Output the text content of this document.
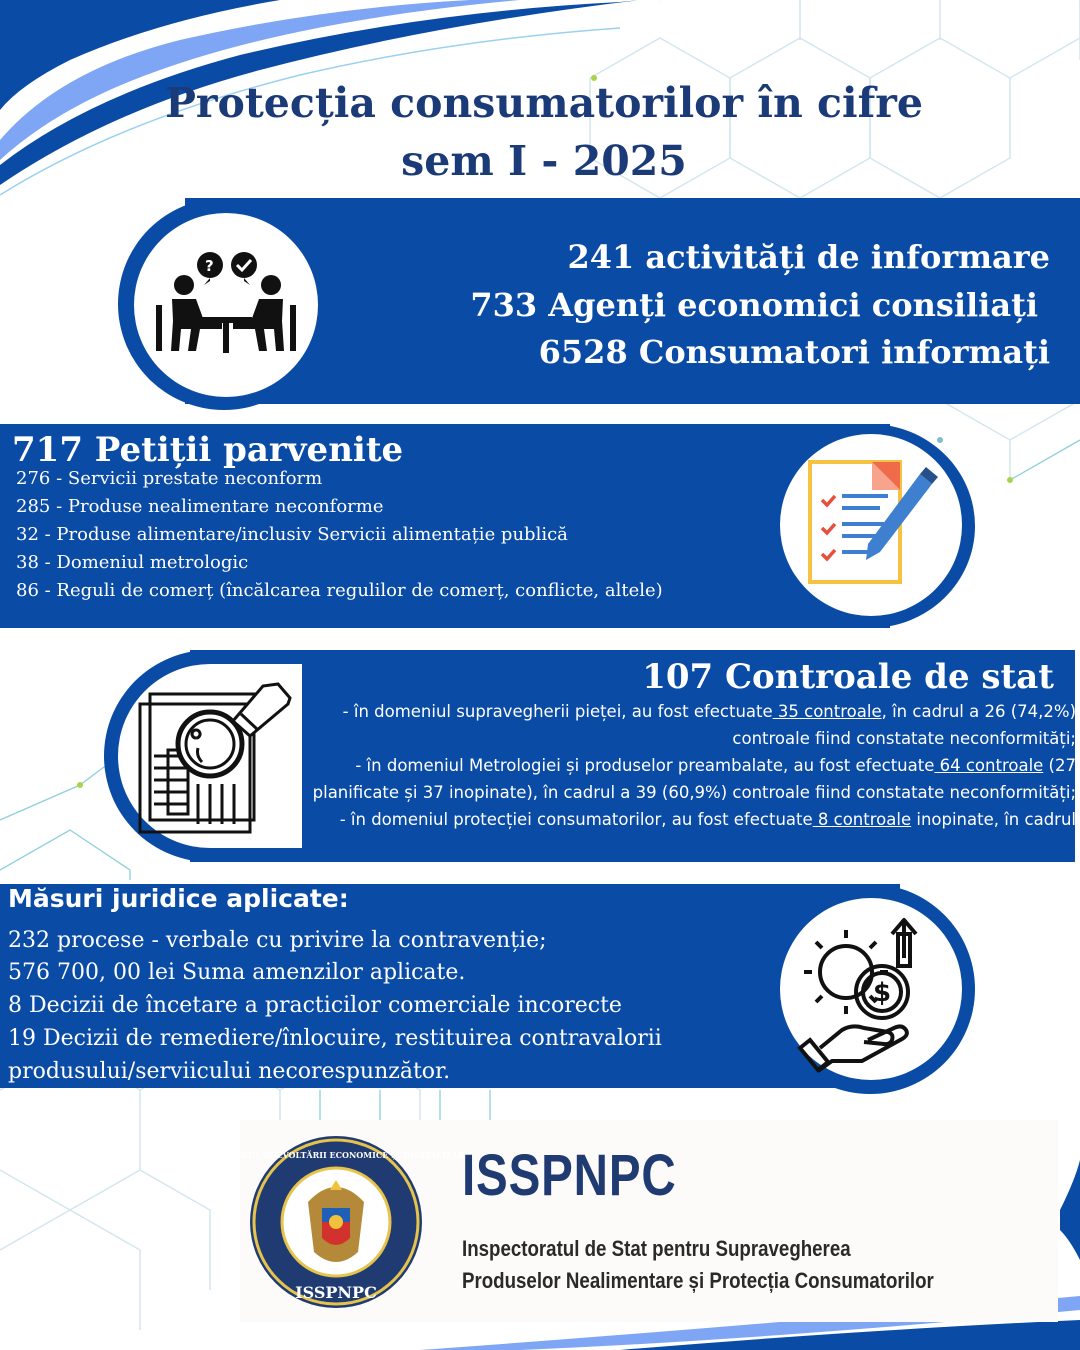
Protecția consumatorilor în cifre
sem I - 2025
?	241 activități de informare
733 Agenți economici consiliați
6528 Consumatori informați
717 Petiții parvenite
276 - Servicii prestate neconform
285 - Produse nealimentare neconforme
32 - Produse alimentare/inclusiv Servicii alimentație publică
38 - Domeniul metrologic
86 - Reguli de comerț (încălcarea regulilor de comerț, conflicte, altele)
107 Controale de stat

- în domeniul supravegherii pieței, au fost efectuate 35 controale, în cadrul a 26 (74,2%) controale fiind constatate neconformități;

- în domeniul Metrologiei și produselor preambalate, au fost efectuate 64 controale (27 planificate și 37 inopinate), în cadrul a 39 (60,9%) controale fiind constatate neconformități;

- în domeniul protecției consumatorilor, au fost efectuate 8 controale inopinate, în cadrul

$
Măsuri juridice aplicate:
232 procese - verbale cu privire la contravenție;
576 700, 00 lei Suma amenzilor aplicate.
8 Decizii de încetare a practicilor comerciale incorecte
19 Decizii de remediere/înlocuire, restituirea contravalorii
produsului/serviicului necorespunzător.
ISSPNPC
MINISTERUL DEZVOLTĂRII ECONOMICE ȘI DIGITALIZĂRII
ISSPNPC
Inspectoratul de Stat pentru Supravegherea
Produselor Nealimentare și Protecția Consumatorilor
